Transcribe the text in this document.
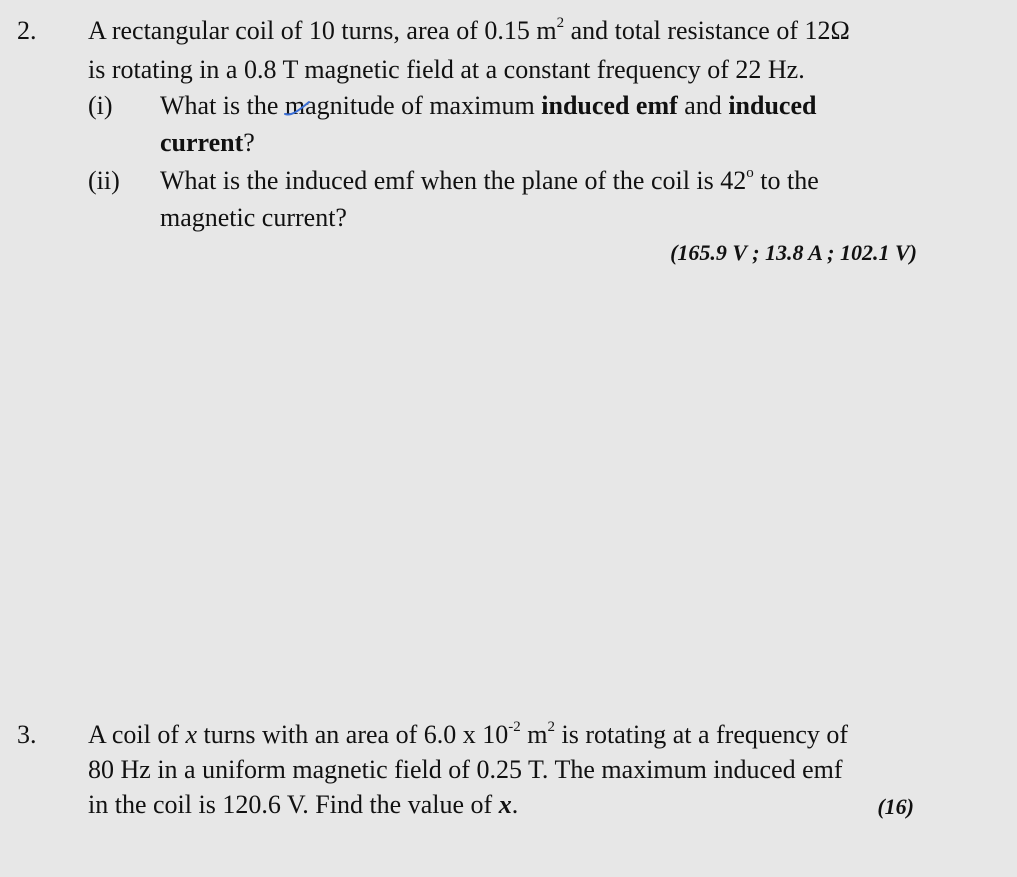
2. A rectangular coil of 10 turns, area of 0.15 $m^2$ and total resistance of 12Ω
is rotating in a 0.8 T magnetic field at a constant frequency of 22 Hz.
(i) What is the magnitude of maximum induced emf and induced
current?
(ii) What is the induced emf when the plane of the coil is 42$^o$ to the
magnetic current?
(165.9 V ; 13.8 A ; 102.1 V)
3. A coil of x turns with an area of 6.0 x $10^{-2}$ $m^2$ is rotating at a frequency of
80 Hz in a uniform magnetic field of 0.25 T. The maximum induced emf
in the coil is 120.6 V. Find the value of x.	(16)
